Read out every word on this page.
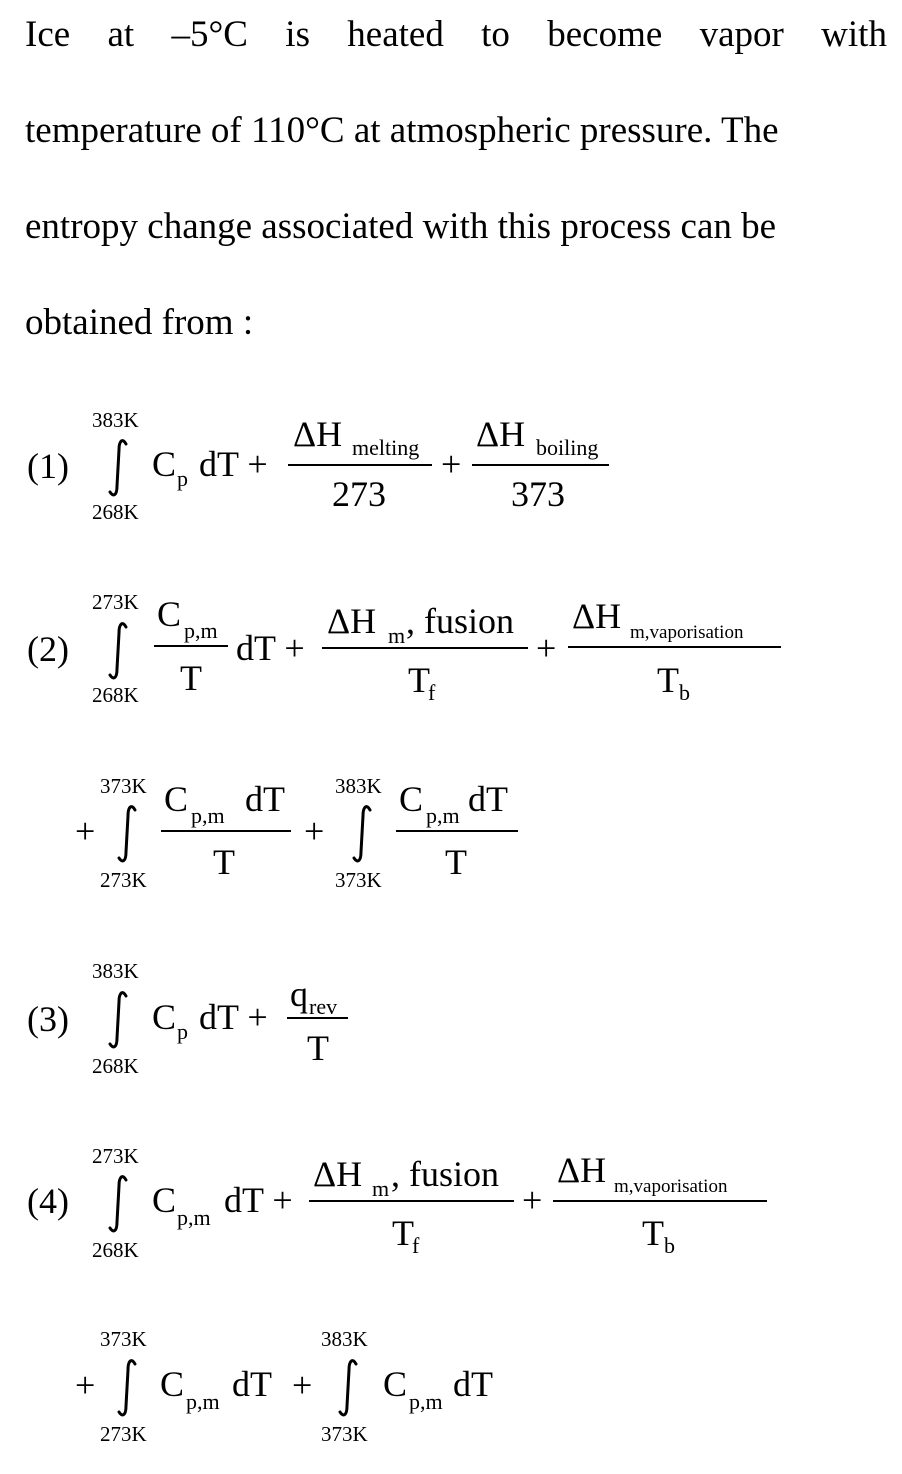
Ice at –5°C is heated to become vapor with
temperature of 110°C at atmospheric pressure. The
entropy change associated with this process can be
obtained from :
(1)
383K
268K
C p dT +
ΔH melting
273
+
ΔH boiling
373
(2)
273K
268K
C p,m
T
dT +
ΔH m , fusion
T
f
+
ΔH m,vaporisation
T b
+
373K
273K
C p,m dT
T
+
383K
373K
C p,m dT
T
(3)
383K
268K
C p dT +
q rev
T
(4)
273K
268K
C p,m dT +
ΔH m , fusion
T
f
+
ΔH m,vaporisation
T b
+
373K
273K
C p,m dT +
383K
373K
C p,m dT
